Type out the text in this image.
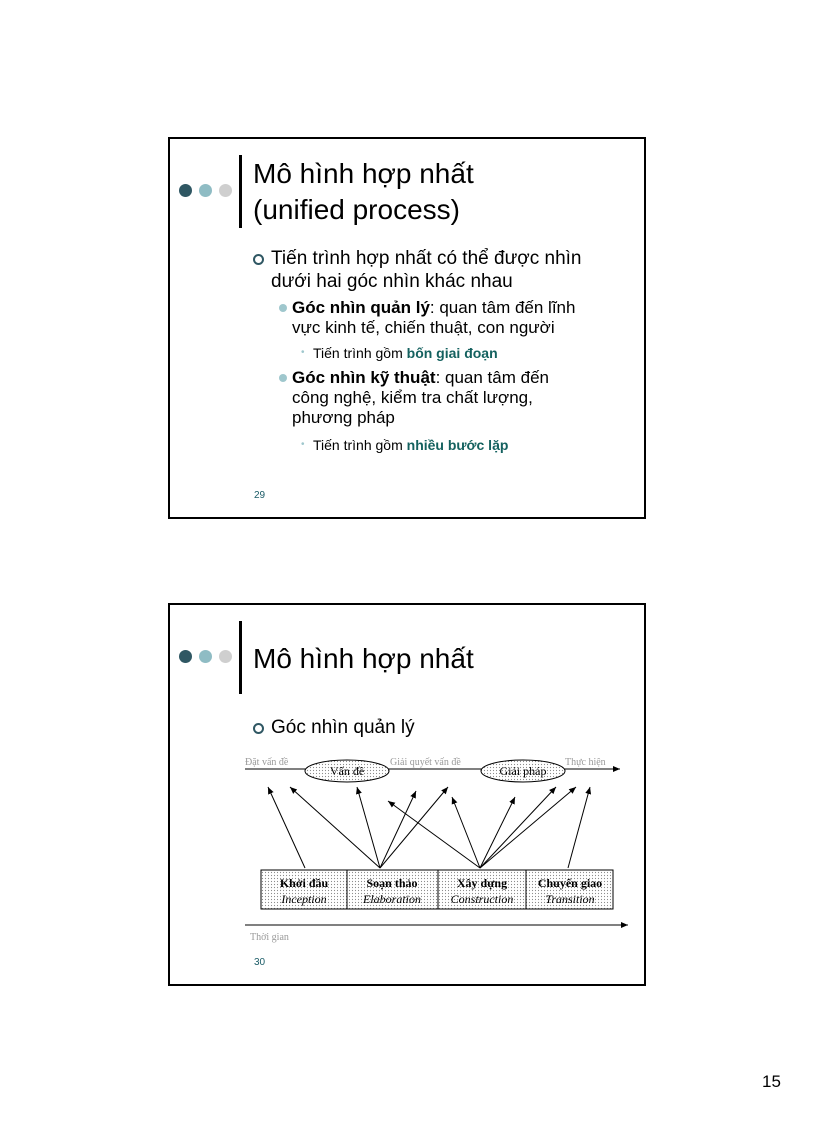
Mô hình hợp nhất
(unified process)
Tiến trình hợp nhất có thể được nhìn
dưới hai góc nhìn khác nhau
Góc nhìn quản lý: quan tâm đến lĩnh
vực kinh tế, chiến thuật, con người
• Tiến trình gồm bốn giai đoạn
Góc nhìn kỹ thuật: quan tâm đến
công nghệ, kiểm tra chất lượng,
phương pháp
• Tiến trình gồm nhiều bước lặp
29
Mô hình hợp nhất
Góc nhìn quản lý
Đặt vấn đề	Giải quyết vấn đề	Thực hiện
Vấn đề	Giải pháp
Khởi đầu
Inception
Soạn thảo
Elaboration
Xây dựng
Construction
Chuyển giao
Transition
Thời gian
30
15
